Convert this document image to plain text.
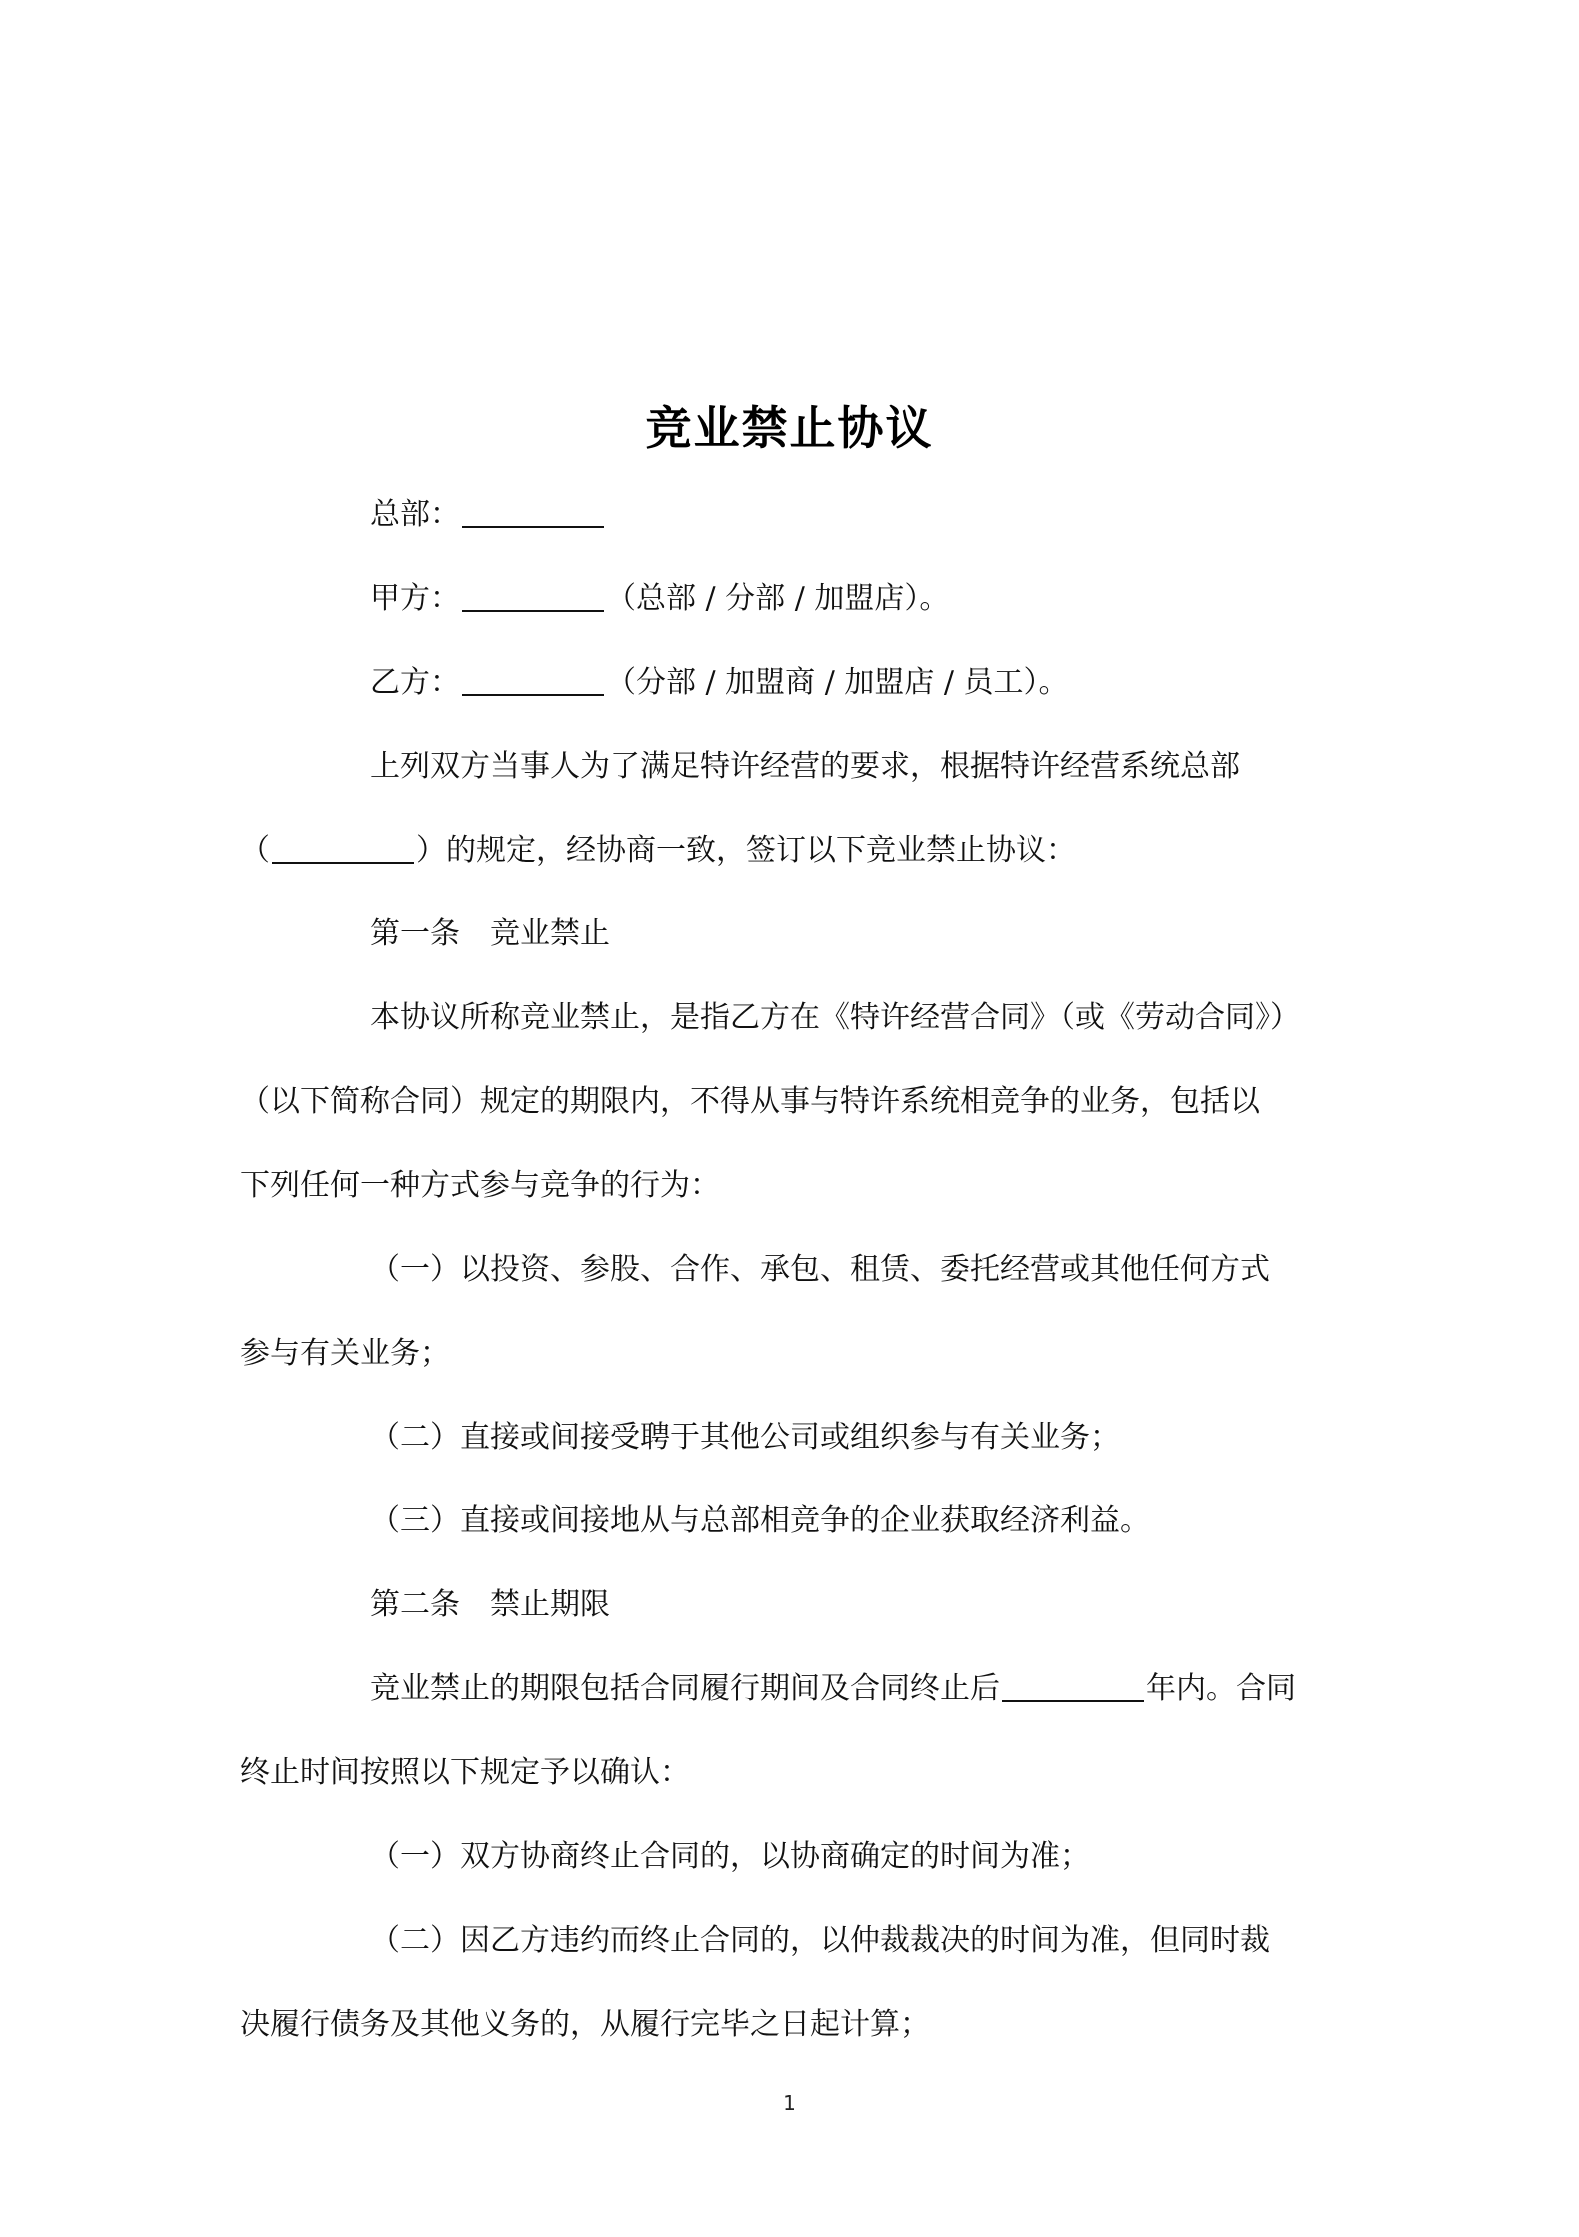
竞业禁止协议
总部：
甲方：	（总部 / 分部 / 加盟店）。
乙方：	（分部 / 加盟商 / 加盟店 / 员工）。
上列双方当事人为了满足特许经营的要求，根据特许经营系统总部
（	）的规定，经协商一致，签订以下竞业禁止协议：
第一条 竞业禁止
本协议所称竞业禁止，是指乙方在《特许经营合同》（或《劳动合同》）
（以下简称合同）规定的期限内，不得从事与特许系统相竞争的业务，包括以
下列任何一种方式参与竞争的行为：
（一）以投资、参股、合作、承包、租赁、委托经营或其他任何方式
参与有关业务；
（二）直接或间接受聘于其他公司或组织参与有关业务；
（三）直接或间接地从与总部相竞争的企业获取经济利益。
第二条 禁止期限
竞业禁止的期限包括合同履行期间及合同终止后	年内。合同
终止时间按照以下规定予以确认：
（一）双方协商终止合同的，以协商确定的时间为准；
（二）因乙方违约而终止合同的，以仲裁裁决的时间为准，但同时裁
决履行债务及其他义务的，从履行完毕之日起计算；
1
